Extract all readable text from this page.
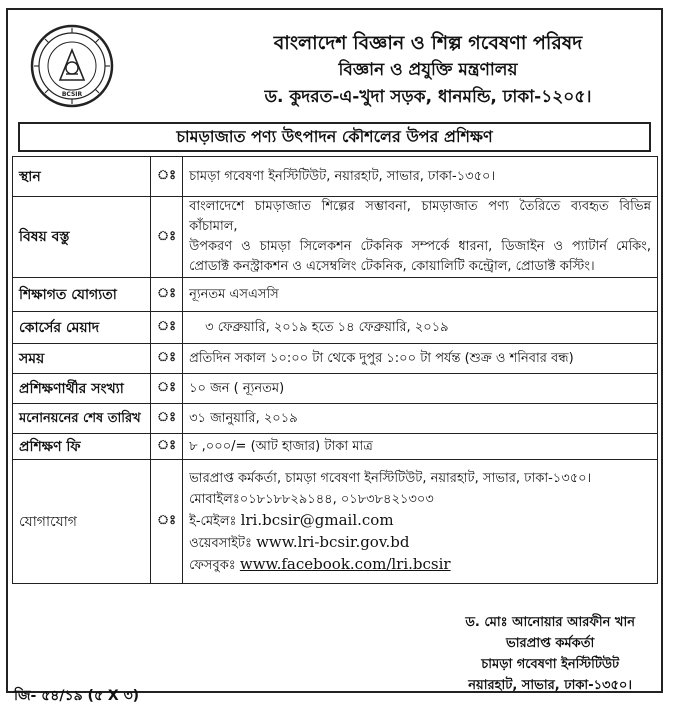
BCSIR
বাংলাদেশ বিজ্ঞান ও শিল্প গবেষণা পরিষদ
বিজ্ঞান ও প্রযুক্তি মন্ত্রণালয়
ড. কুদরত-এ-খুদা সড়ক, ধানমন্ডি, ঢাকা-১২০৫।
চামড়াজাত পণ্য উৎপাদন কৌশলের উপর প্রশিক্ষণ
স্থান	ঃ	চামড়া গবেষণা ইনস্টিটিউট, নয়ারহাট, সাভার, ঢাকা-১৩৫০।
বিষয় বস্তু	ঃ	বাংলাদেশে চামড়াজাত শিল্পের সম্ভাবনা, চামড়াজাত পণ্য তৈরিতে ব্যবহৃত বিভিন্ন কাঁচামাল,
উপকরণ ও চামড়া সিলেকশন টেকনিক সম্পর্কে ধারনা, ডিজাইন ও প্যাটার্ন মেকিং,
প্রোডাক্ট কনস্ট্রাকশন ও এসেম্বলিং টেকনিক, কোয়ালিটি কন্ট্রোল, প্রোডাক্ট কস্টিং।

শিক্ষাগত যোগ্যতা	ঃ	ন্যূনতম এসএসসি
কোর্সের মেয়াদ	ঃ	৩ ফেব্রুয়ারি, ২০১৯ হতে ১৪ ফেব্রুয়ারি, ২০১৯
সময়	ঃ	প্রতিদিন সকাল ১০:০০ টা থেকে দুপুর ১:০০ টা পর্যন্ত (শুক্র ও শনিবার বন্ধ)
প্রশিক্ষণার্থীর সংখ্যা	ঃ	১০ জন ( ন্যূনতম)
মনোনয়নের শেষ তারিখ	ঃ	৩১ জানুয়ারি, ২০১৯
প্রশিক্ষণ ফি	ঃ	৮ ,০০০/= (আট হাজার) টাকা মাত্র
যোগাযোগ	ঃ	ভারপ্রাপ্ত কর্মকর্তা, চামড়া গবেষণা ইনস্টিটিউট, নয়ারহাট, সাভার, ঢাকা-১৩৫০।
মোবাইলঃ০১৮১৮৮২৯১৪৪, ০১৮৩৮৪২১৩০৩
ই-মেইলঃ lri.bcsir@gmail.com
ওয়েবসাইটঃ www.lri-bcsir.gov.bd
ফেসবুকঃ www.facebook.com/lri.bcsir
ড. মোঃ আনোয়ার আরফীন খান
ভারপ্রাপ্ত কর্মকর্তা
চামড়া গবেষণা ইনস্টিটিউট
নয়ারহাট, সাভার, ঢাকা-১৩৫০।
জি- ৫৪/১৯ (৫ X ৩)
